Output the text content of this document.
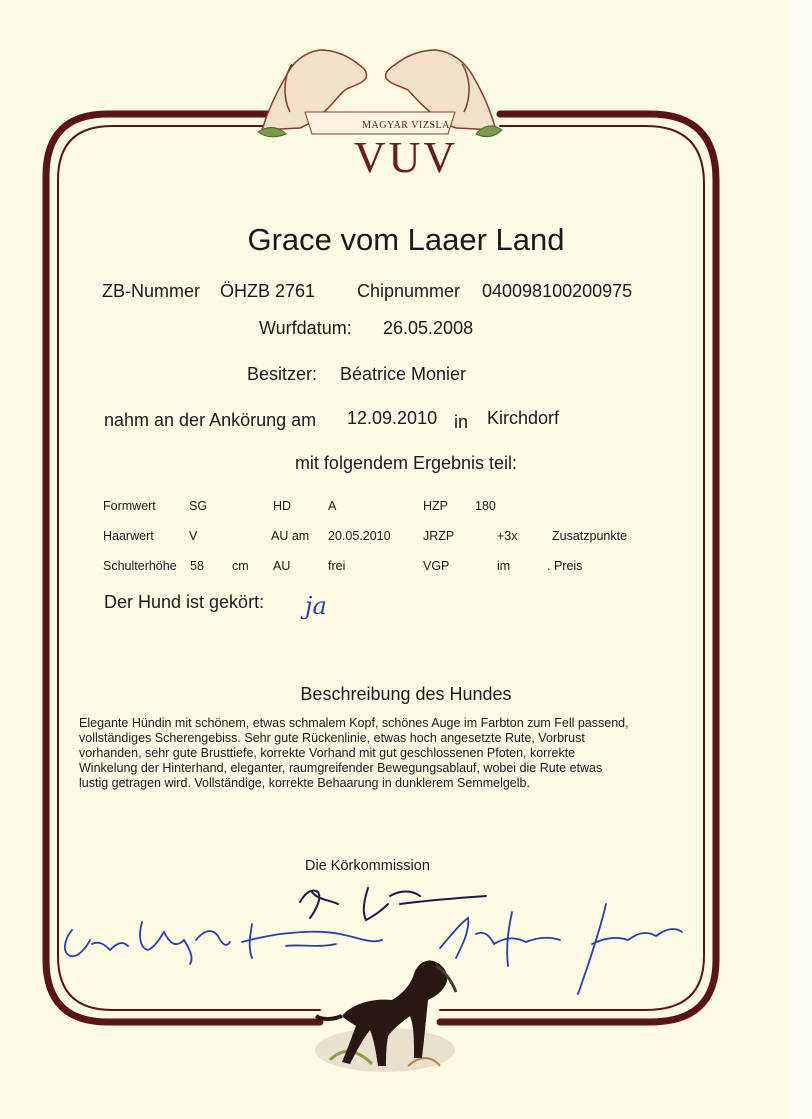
MAGYAR VIZSLA
VUV
Grace vom Laaer Land
ZB-Nummer ÖHZB 2761 Chipnummer 040098100200975
Wurfdatum: 26.05.2008
Besitzer: Béatrice Monier
nahm an der Ankörung am 12.09.2010 in Kirchdorf
mit folgendem Ergebnis teil:
Formwert	SG	HD	A	HZP 180
Haarwert	V	AU am 20.05.2010	JRZP	+3x	Zusatzpunkte
Schulterhöhe 58 cm AU	frei	VGP	im	. Preis
Der Hund ist gekört: ja
Beschreibung des Hundes
Elegante Hündin mit schönem, etwas schmalem Kopf, schönes Auge im Farbton zum Fell passend,
vollständiges Scherengebiss. Sehr gute Rückenlinie, etwas hoch angesetzte Rute, Vorbrust
vorhanden, sehr gute Brusttiefe, korrekte Vorhand mit gut geschlossenen Pfoten, korrekte
Winkelung der Hinterhand, eleganter, raumgreifender Bewegungsablauf, wobei die Rute etwas
lustig getragen wird. Vollständige, korrekte Behaarung in dunklerem Semmelgelb.
Die Körkommission
